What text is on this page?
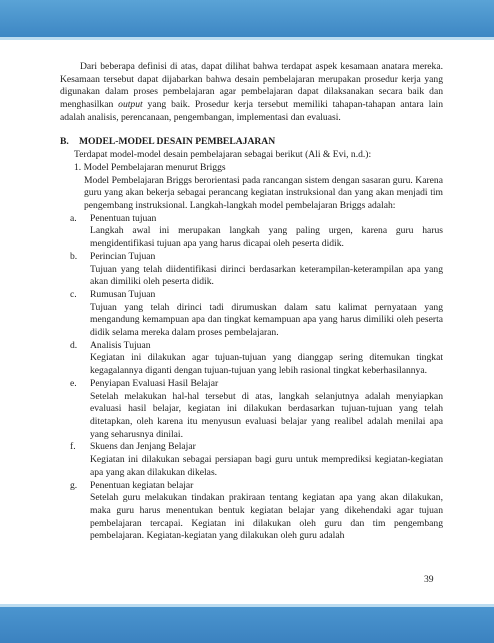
Dari beberapa definisi di atas, dapat dilihat bahwa terdapat aspek kesamaan anatara mereka. Kesamaan tersebut dapat dijabarkan bahwa desain pembelajaran merupakan prosedur kerja yang digunakan dalam proses pembelajaran agar pembelajaran dapat dilaksanakan secara baik dan menghasilkan output yang baik. Prosedur kerja tersebut memiliki tahapan-tahapan antara lain adalah analisis, perencanaan, pengembangan, implementasi dan evaluasi.

B.	MODEL-MODEL DESAIN PEMBELAJARAN

Terdapat model-model desain pembelajaran sebagai berikut (Ali & Evi, n.d.):

1. Model Pembelajaran menurut Briggs

Model Pembelajaran Briggs berorientasi pada rancangan sistem dengan sasaran guru. Karena guru yang akan bekerja sebagai perancang kegiatan instruksional dan yang akan menjadi tim pengembang instruksional. Langkah-langkah model pembelajaran Briggs adalah:

a.	Penentuan tujuan

Langkah awal ini merupakan langkah yang paling urgen, karena guru harus mengidentifikasi tujuan apa yang harus dicapai oleh peserta didik.

b.	Perincian Tujuan

Tujuan yang telah diidentifikasi dirinci berdasarkan keterampilan-keterampilan apa yang akan dimiliki oleh peserta didik.

c.	Rumusan Tujuan

Tujuan yang telah dirinci tadi dirumuskan dalam satu kalimat pernyataan yang mengandung kemampuan apa dan tingkat kemampuan apa yang harus dimiliki oleh peserta didik selama mereka dalam proses pembelajaran.

d.	Analisis Tujuan

Kegiatan ini dilakukan agar tujuan-tujuan yang dianggap sering ditemukan tingkat kegagalannya diganti dengan tujuan-tujuan yang lebih rasional tingkat keberhasilannya.

e.	Penyiapan Evaluasi Hasil Belajar

Setelah melakukan hal-hal tersebut di atas, langkah selanjutnya adalah menyiapkan evaluasi hasil belajar, kegiatan ini dilakukan berdasarkan tujuan-tujuan yang telah ditetapkan, oleh karena itu menyusun evaluasi belajar yang realibel adalah menilai apa yang seharusnya dinilai.

f.	Skuens dan Jenjang Belajar

Kegiatan ini dilakukan sebagai persiapan bagi guru untuk memprediksi kegiatan-kegiatan apa yang akan dilakukan dikelas.

g.	Penentuan kegiatan belajar

Setelah guru melakukan tindakan prakiraan tentang kegiatan apa yang akan dilakukan, maka guru harus menentukan bentuk kegiatan belajar yang dikehendaki agar tujuan pembelajaran tercapai. Kegiatan ini dilakukan oleh guru dan tim pengembang pembelajaran. Kegiatan-kegiatan yang dilakukan oleh guru adalah

39
